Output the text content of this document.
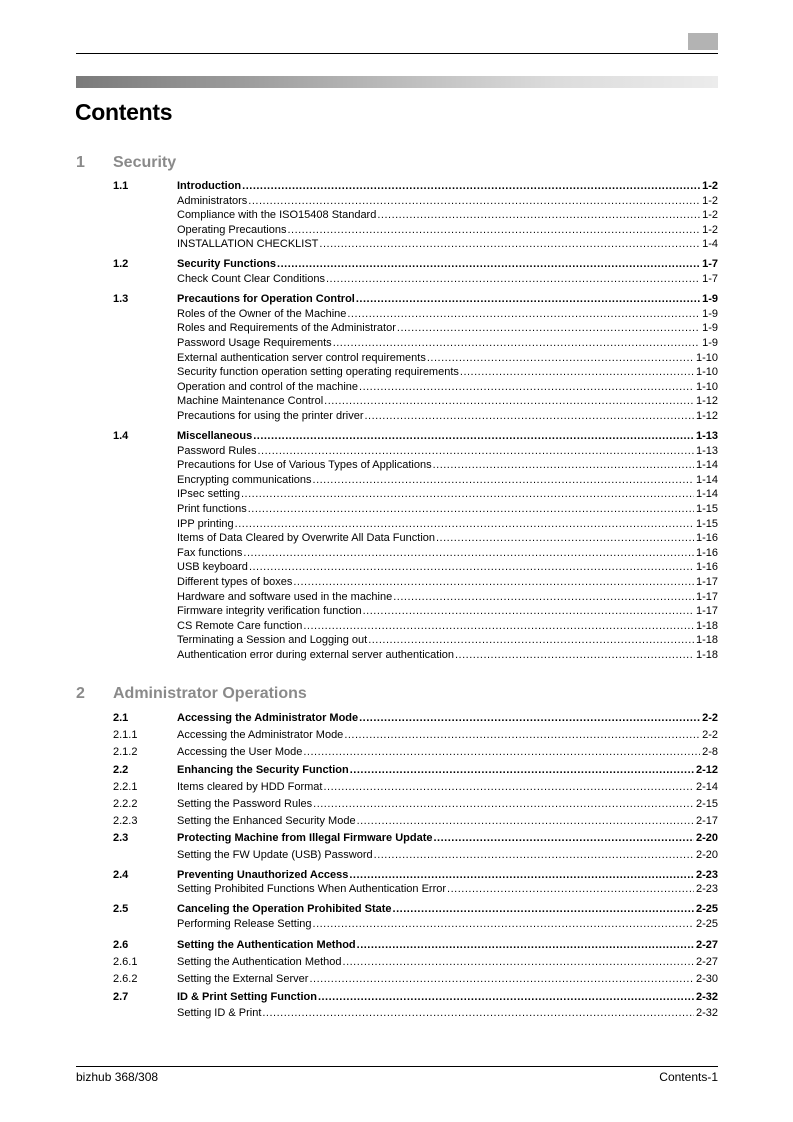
Contents
1 Security
1.1	Introduction .....	1-2
Administrators .....	1-2
Compliance with the ISO15408 Standard .....	1-2
Operating Precautions .....	1-2
INSTALLATION CHECKLIST .....	1-4
1.2	Security Functions .....	1-7
Check Count Clear Conditions .....	1-7
1.3	Precautions for Operation Control .....	1-9
Roles of the Owner of the Machine .....	1-9
Roles and Requirements of the Administrator .....	1-9
Password Usage Requirements .....	1-9
External authentication server control requirements .....	1-10
Security function operation setting operating requirements .....	1-10
Operation and control of the machine .....	1-10
Machine Maintenance Control .....	1-12
Precautions for using the printer driver .....	1-12
1.4	Miscellaneous .....	1-13
Password Rules .....	1-13
Precautions for Use of Various Types of Applications .....	1-14
Encrypting communications .....	1-14
IPsec setting .....	1-14
Print functions .....	1-15
IPP printing .....	1-15
Items of Data Cleared by Overwrite All Data Function .....	1-16
Fax functions .....	1-16
USB keyboard .....	1-16
Different types of boxes .....	1-17
Hardware and software used in the machine .....	1-17
Firmware integrity verification function .....	1-17
CS Remote Care function .....	1-18
Terminating a Session and Logging out .....	1-18
Authentication error during external server authentication .....	1-18
2 Administrator Operations
2.1	Accessing the Administrator Mode .....	2-2
2.1.1	Accessing the Administrator Mode .....	2-2
2.1.2	Accessing the User Mode .....	2-8
2.2	Enhancing the Security Function .....	2-12
2.2.1	Items cleared by HDD Format .....	2-14
2.2.2	Setting the Password Rules .....	2-15
2.2.3	Setting the Enhanced Security Mode .....	2-17
2.3	Protecting Machine from Illegal Firmware Update .....	2-20
Setting the FW Update (USB) Password .....	2-20
2.4	Preventing Unauthorized Access .....	2-23
Setting Prohibited Functions When Authentication Error .....	2-23
2.5	Canceling the Operation Prohibited State .....	2-25
Performing Release Setting .....	2-25
2.6	Setting the Authentication Method .....	2-27
2.6.1	Setting the Authentication Method .....	2-27
2.6.2	Setting the External Server .....	2-30
2.7	ID & Print Setting Function .....	2-32
Setting ID & Print .....	2-32
bizhub 368/308	Contents-1
